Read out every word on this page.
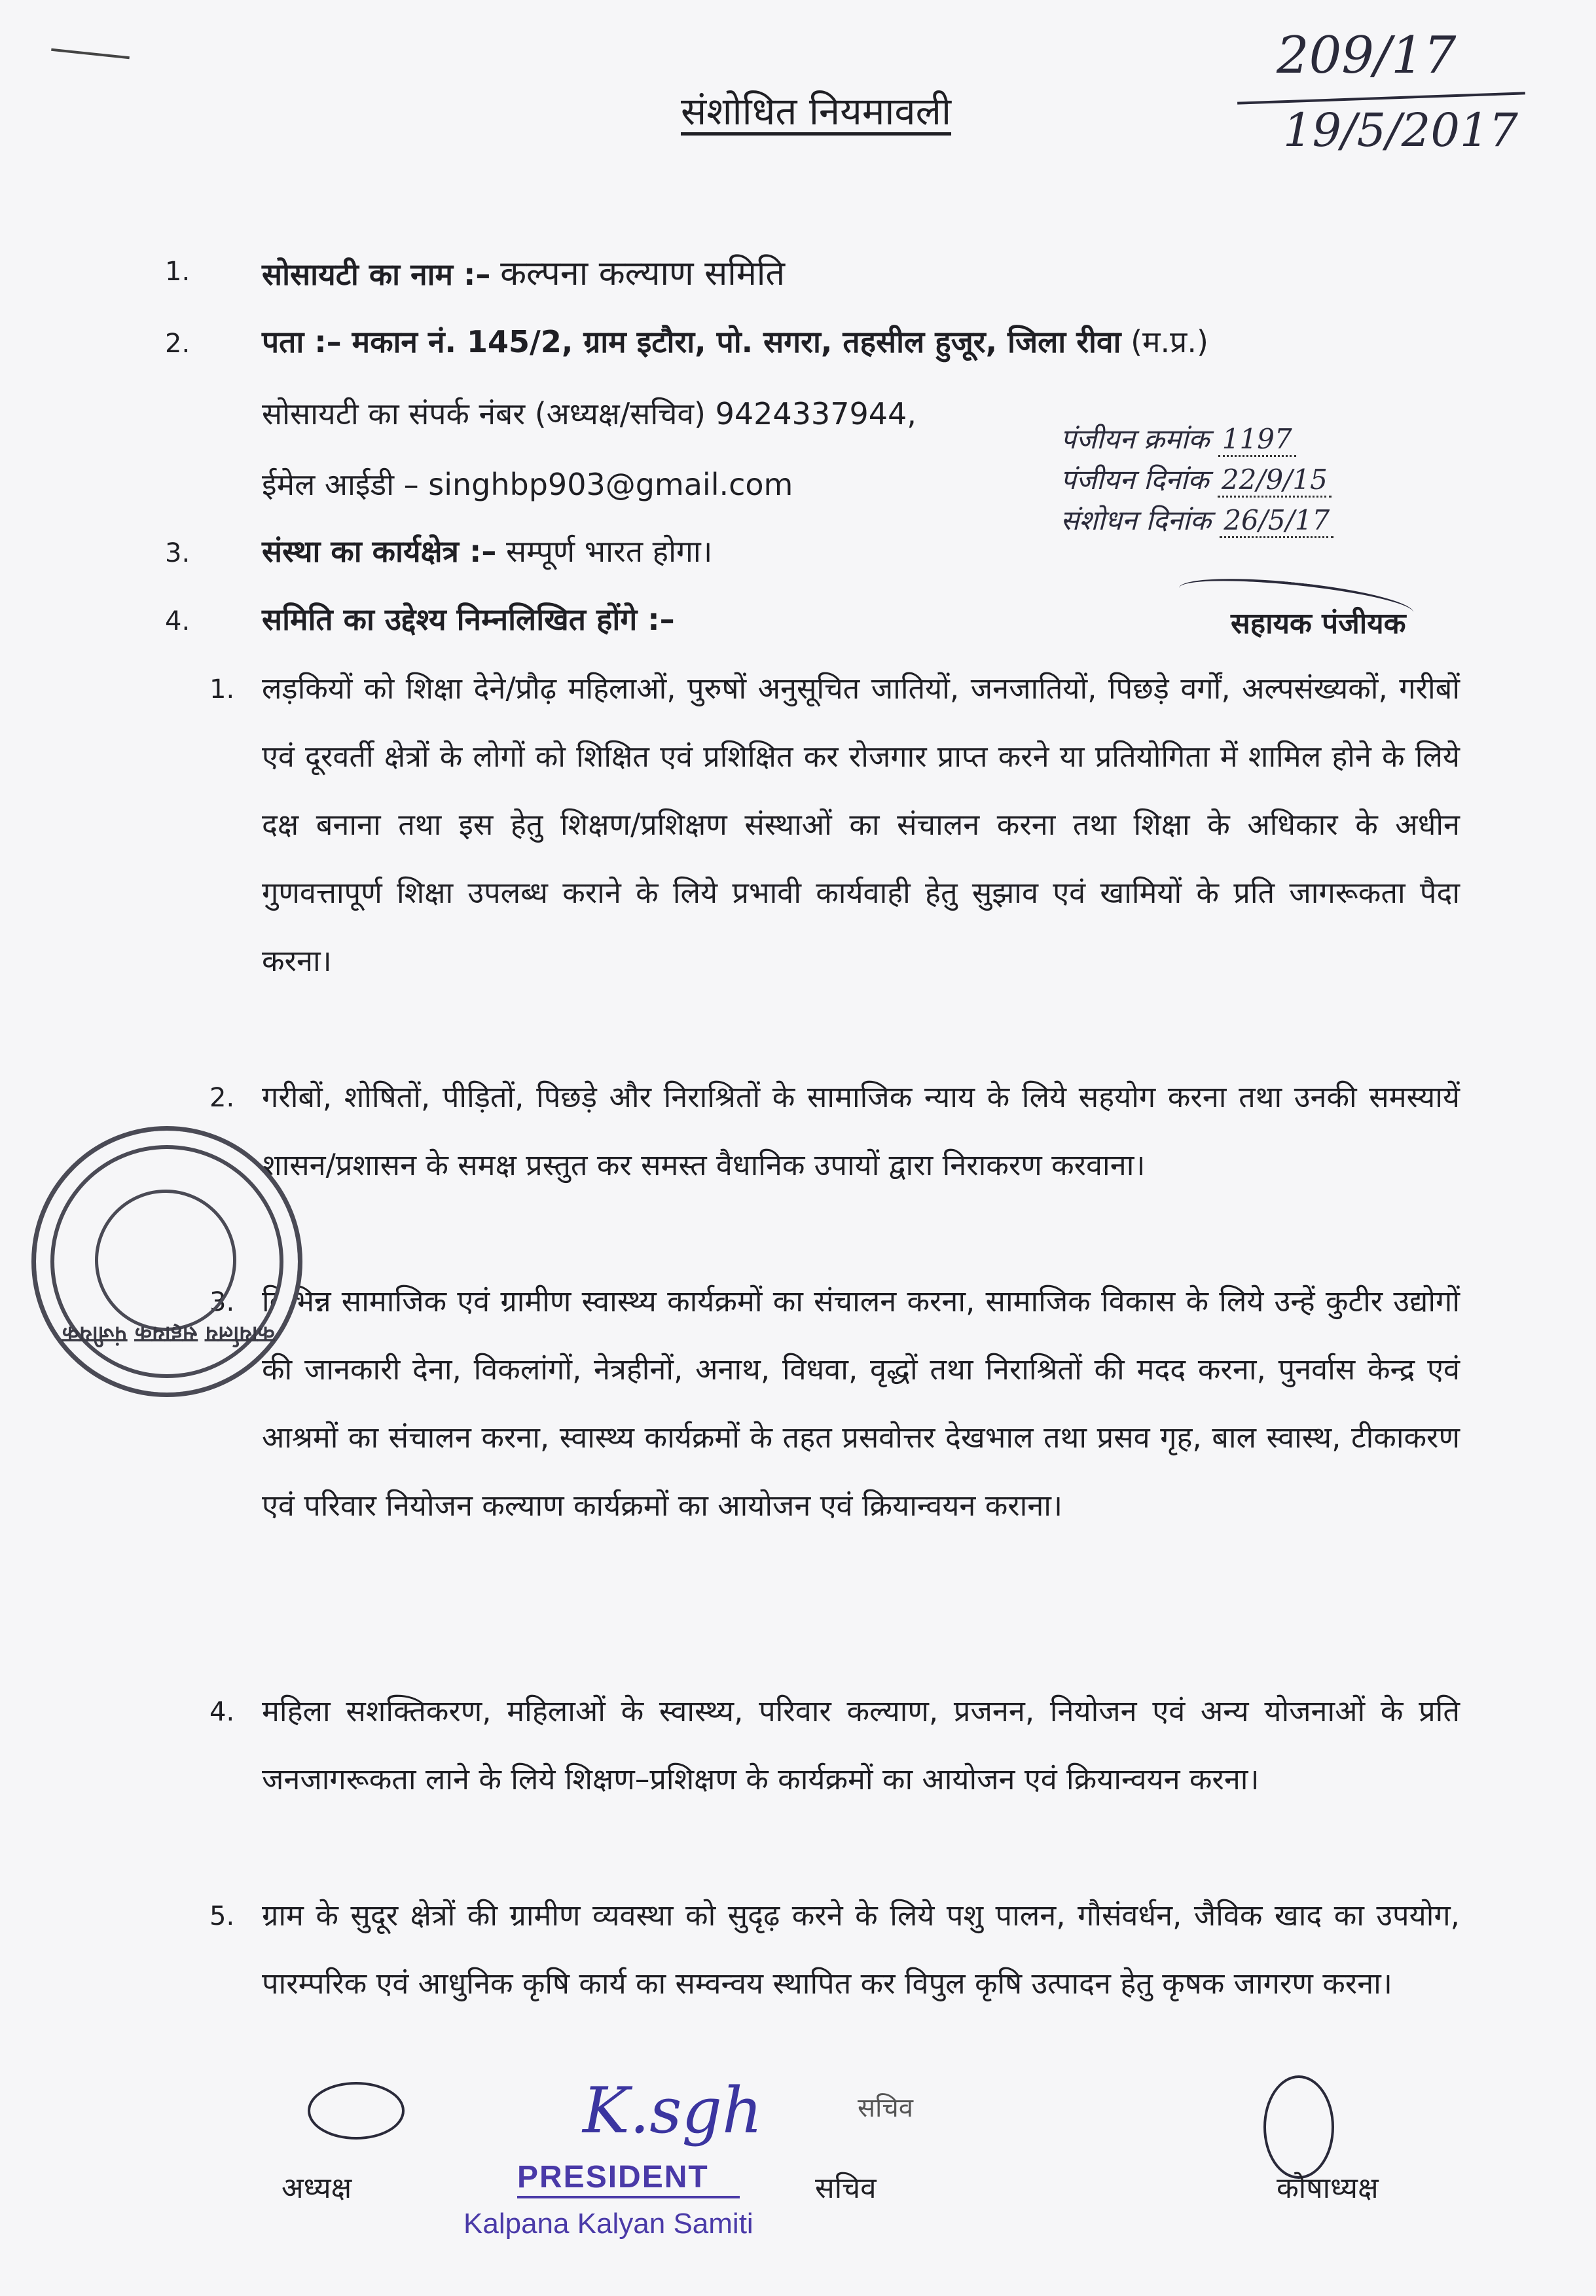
209/17
19/5/2017
संशोधित नियमावली
1. सोसायटी का नाम :– कल्पना कल्याण समिति
2. पता :– मकान नं. 145/2, ग्राम इटौरा, पो. सगरा, तहसील हुजूर, जिला रीवा (म.प्र.)
सोसायटी का संपर्क नंबर (अध्यक्ष/सचिव) 9424337944,
ईमेल आईडी – singhbp903@gmail.com
पंजीयन क्रमांक 1197
पंजीयन दिनांक 22/9/15
संशोधन दिनांक 26/5/17
सहायक पंजीयक
3. संस्था का कार्यक्षेत्र :– सम्पूर्ण भारत होगा।
4. समिति का उद्देश्य निम्नलिखित होंगे :–
1. लड़कियों को शिक्षा देने/प्रौढ़ महिलाओं, पुरुषों अनुसूचित जातियों, जनजातियों, पिछड़े वर्गों, अल्पसंख्यकों, गरीबों एवं दूरवर्ती क्षेत्रों के लोगों को शिक्षित एवं प्रशिक्षित कर रोजगार प्राप्त करने या प्रतियोगिता में शामिल होने के लिये दक्ष बनाना तथा इस हेतु शिक्षण/प्रशिक्षण संस्थाओं का संचालन करना तथा शिक्षा के अधिकार के अधीन गुणवत्तापूर्ण शिक्षा उपलब्ध कराने के लिये प्रभावी कार्यवाही हेतु सुझाव एवं खामियों के प्रति जागरूकता पैदा करना।
2. गरीबों, शोषितों, पीड़ितों, पिछड़े और निराश्रितों के सामाजिक न्याय के लिये सहयोग करना तथा उनकी समस्यायें शासन/प्रशासन के समक्ष प्रस्तुत कर समस्त वैधानिक उपायों द्वारा निराकरण करवाना।
3. विभिन्न सामाजिक एवं ग्रामीण स्वास्थ्य कार्यक्रमों का संचालन करना, सामाजिक विकास के लिये उन्हें कुटीर उद्योगों की जानकारी देना, विकलांगों, नेत्रहीनों, अनाथ, विधवा, वृद्धों तथा निराश्रितों की मदद करना, पुनर्वास केन्द्र एवं आश्रमों का संचालन करना, स्वास्थ्य कार्यक्रमों के तहत प्रसवोत्तर देखभाल तथा प्रसव गृह, बाल स्वास्थ, टीकाकरण एवं परिवार नियोजन कल्याण कार्यक्रमों का आयोजन एवं क्रियान्वयन कराना।
4. महिला सशक्तिकरण, महिलाओं के स्वास्थ्य, परिवार कल्याण, प्रजनन, नियोजन एवं अन्य योजनाओं के प्रति जनजागरूकता लाने के लिये शिक्षण–प्रशिक्षण के कार्यक्रमों का आयोजन एवं क्रियान्वयन करना।
5. ग्राम के सुदूर क्षेत्रों की ग्रामीण व्यवस्था को सुदृढ़ करने के लिये पशु पालन, गौसंवर्धन, जैविक खाद का उपयोग, पारम्परिक एवं आधुनिक कृषि कार्य का सम्वन्वय स्थापित कर विपुल कृषि उत्पादन हेतु कृषक जागरण करना।
कार्यालय सहायक पंजीयक
अध्यक्ष
K.sgh
PRESIDENT
Kalpana Kalyan Samiti
सचिव
सचिव	कोषाध्यक्ष
